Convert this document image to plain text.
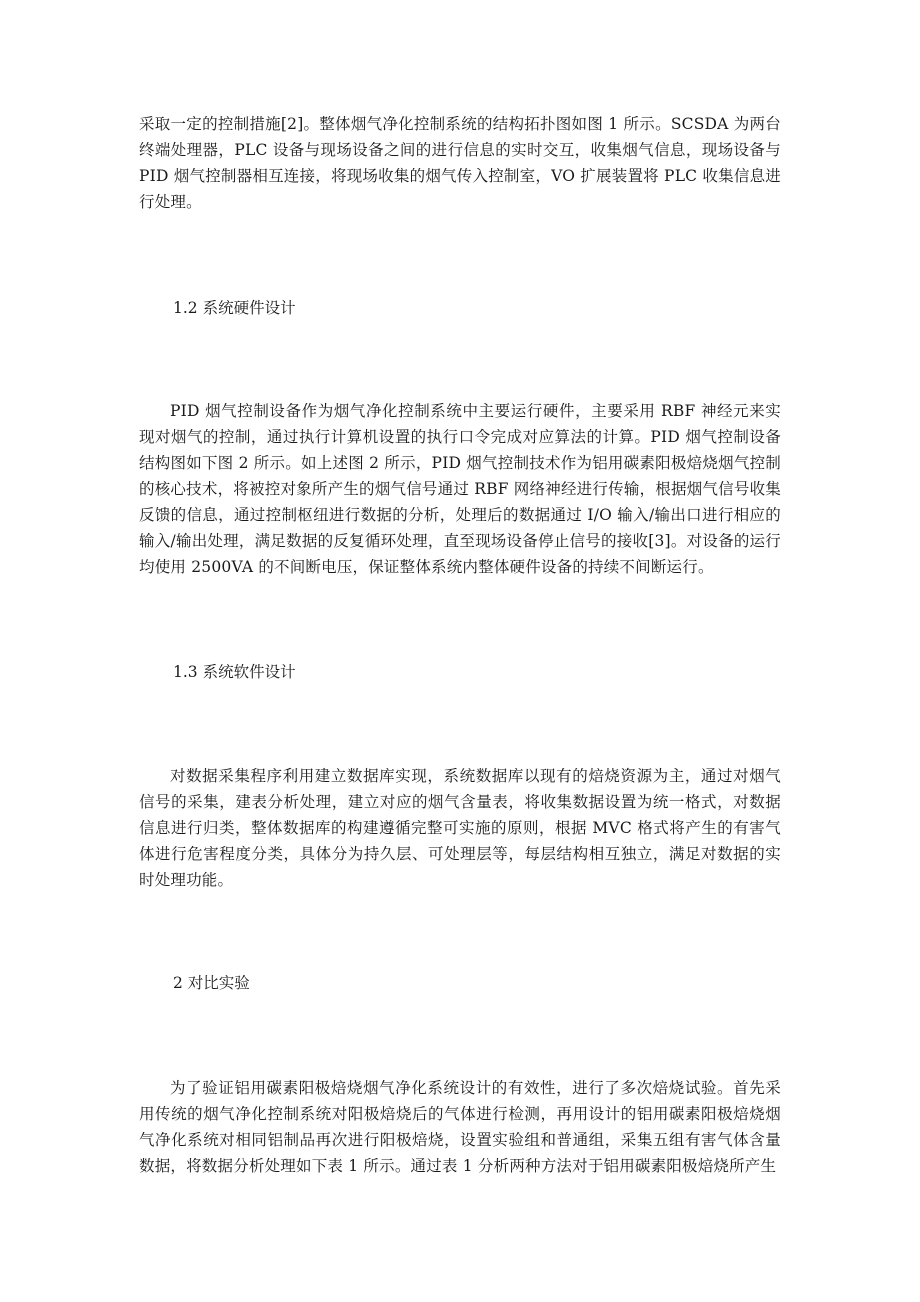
采取一定的控制措施[2]。整体烟气净化控制系统的结构拓扑图如图 1 所示。SCSDA 为两台终端处理器，PLC 设备与现场设备之间的进行信息的实时交互，收集烟气信息，现场设备与 PID 烟气控制器相互连接，将现场收集的烟气传入控制室，VO 扩展装置将 PLC 收集信息进行处理。

1.2 系统硬件设计

PID 烟气控制设备作为烟气净化控制系统中主要运行硬件，主要采用 RBF 神经元来实现对烟气的控制，通过执行计算机设置的执行口令完成对应算法的计算。PID 烟气控制设备结构图如下图 2 所示。如上述图 2 所示，PID 烟气控制技术作为铝用碳素阳极焙烧烟气控制的核心技术，将被控对象所产生的烟气信号通过 RBF 网络神经进行传输，根据烟气信号收集反馈的信息，通过控制枢纽进行数据的分析，处理后的数据通过 I/O 输入/输出口进行相应的输入/输出处理，满足数据的反复循环处理，直至现场设备停止信号的接收[3]。对设备的运行均使用 2500VA 的不间断电压，保证整体系统内整体硬件设备的持续不间断运行。

1.3 系统软件设计

对数据采集程序利用建立数据库实现，系统数据库以现有的焙烧资源为主，通过对烟气信号的采集，建表分析处理，建立对应的烟气含量表，将收集数据设置为统一格式，对数据信息进行归类，整体数据库的构建遵循完整可实施的原则，根据 MVC 格式将产生的有害气体进行危害程度分类，具体分为持久层、可处理层等，每层结构相互独立，满足对数据的实时处理功能。

2 对比实验

为了验证铝用碳素阳极焙烧烟气净化系统设计的有效性，进行了多次焙烧试验。首先采用传统的烟气净化控制系统对阳极焙烧后的气体进行检测，再用设计的铝用碳素阳极焙烧烟气净化系统对相同铝制品再次进行阳极焙烧，设置实验组和普通组，采集五组有害气体含量数据，将数据分析处理如下表 1 所示。通过表 1 分析两种方法对于铝用碳素阳极焙烧所产生
